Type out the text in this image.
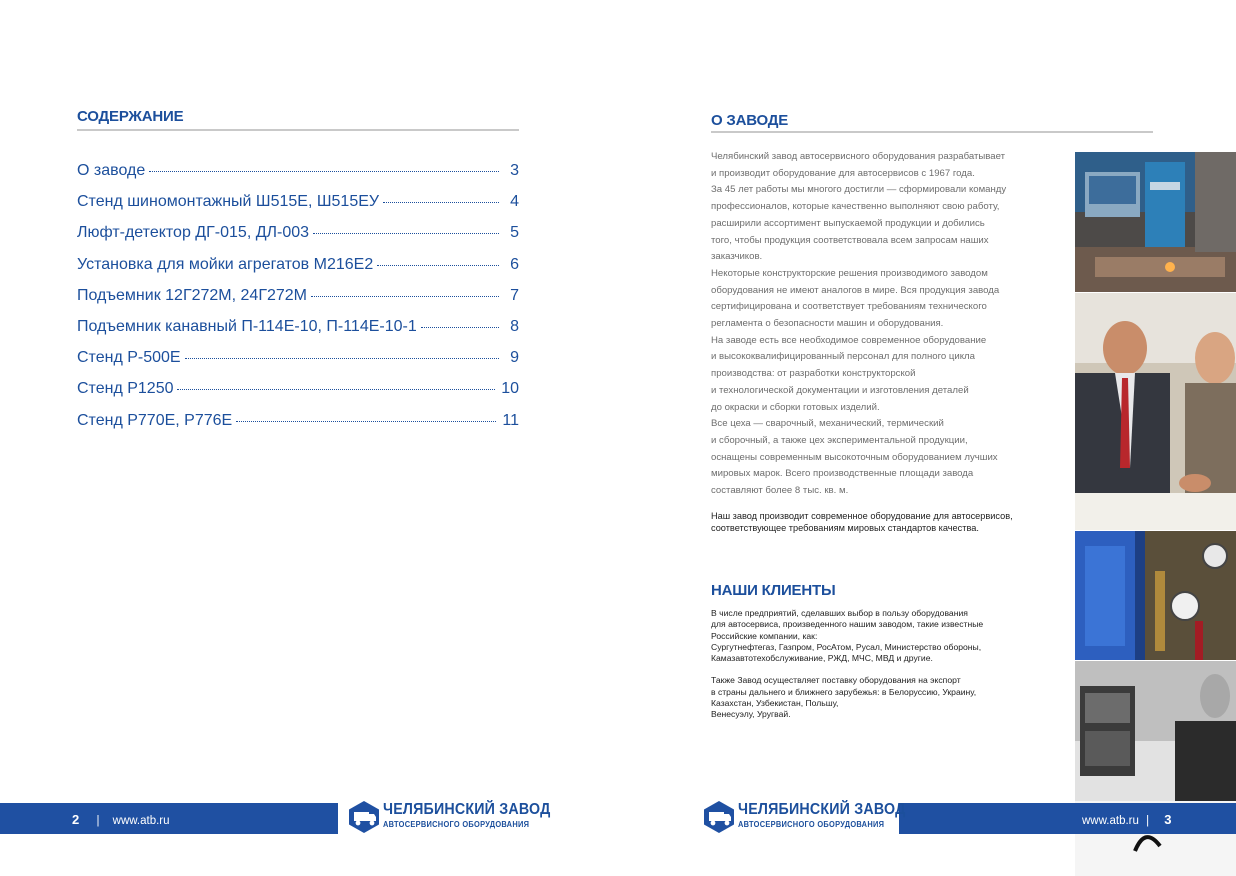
СОДЕРЖАНИЕ
О заводе	3
Стенд шиномонтажный Ш515Е, Ш515ЕУ	4
Люфт-детектор ДГ-015, ДЛ-003	5
Установка для мойки агрегатов М216Е2	6
Подъемник 12Г272М, 24Г272М	7
Подъемник канавный П-114Е-10, П-114Е-10-1	8
Стенд Р-500Е	9
Стенд Р1250	10
Стенд Р770Е, Р776Е	11
2 | www.atb.ru
ЧЕЛЯБИНСКИЙ ЗАВОД
АВТОСЕРВИСНОГО ОБОРУДОВАНИЯ
О ЗАВОДЕ

Челябинский завод автосервисного оборудования разрабатывает

и производит оборудование для автосервисов с 1967 года.

За 45 лет работы мы многого достигли — сформировали команду

профессионалов, которые качественно выполняют свою работу,

расширили ассортимент выпускаемой продукции и добились

того, чтобы продукция соответствовала всем запросам наших

заказчиков.

Некоторые конструкторские решения производимого заводом

оборудования не имеют аналогов в мире. Вся продукция завода

сертифицирована и соответствует требованиям технического

регламента о безопасности машин и оборудования.

На заводе есть все необходимое современное оборудование

и высококвалифицированный персонал для полного цикла

производства: от разработки конструкторской

и технологической документации и изготовления деталей

до окраски и сборки готовых изделий.

Все цеха — сварочный, механический, термический

и сборочный, а также цех экспериментальной продукции,

оснащены современным высокоточным оборудованием лучших

мировых марок. Всего производственные площади завода

составляют более 8 тыс. кв. м.

Наш завод производит современное оборудование для автосервисов,

соответствующее требованиям мировых стандартов качества.

НАШИ КЛИЕНТЫ

В числе предприятий, сделавших выбор в пользу оборудования

для автосервиса, произведенного нашим заводом, такие известные

Российские компании, как:

Сургутнефтегаз, Газпром, РосАтом, Русал, Министерство обороны,

Камазавтотехобслуживание, РЖД, МЧС, МВД и другие.

Также Завод осуществляет поставку оборудования на экспорт

в страны дальнего и ближнего зарубежья: в Белоруссию, Украину,

Казахстан, Узбекистан, Польшу,

Венесуэлу, Уругвай.

www.atb.ru | 3
ЧЕЛЯБИНСКИЙ ЗАВОД
АВТОСЕРВИСНОГО ОБОРУДОВАНИЯ
